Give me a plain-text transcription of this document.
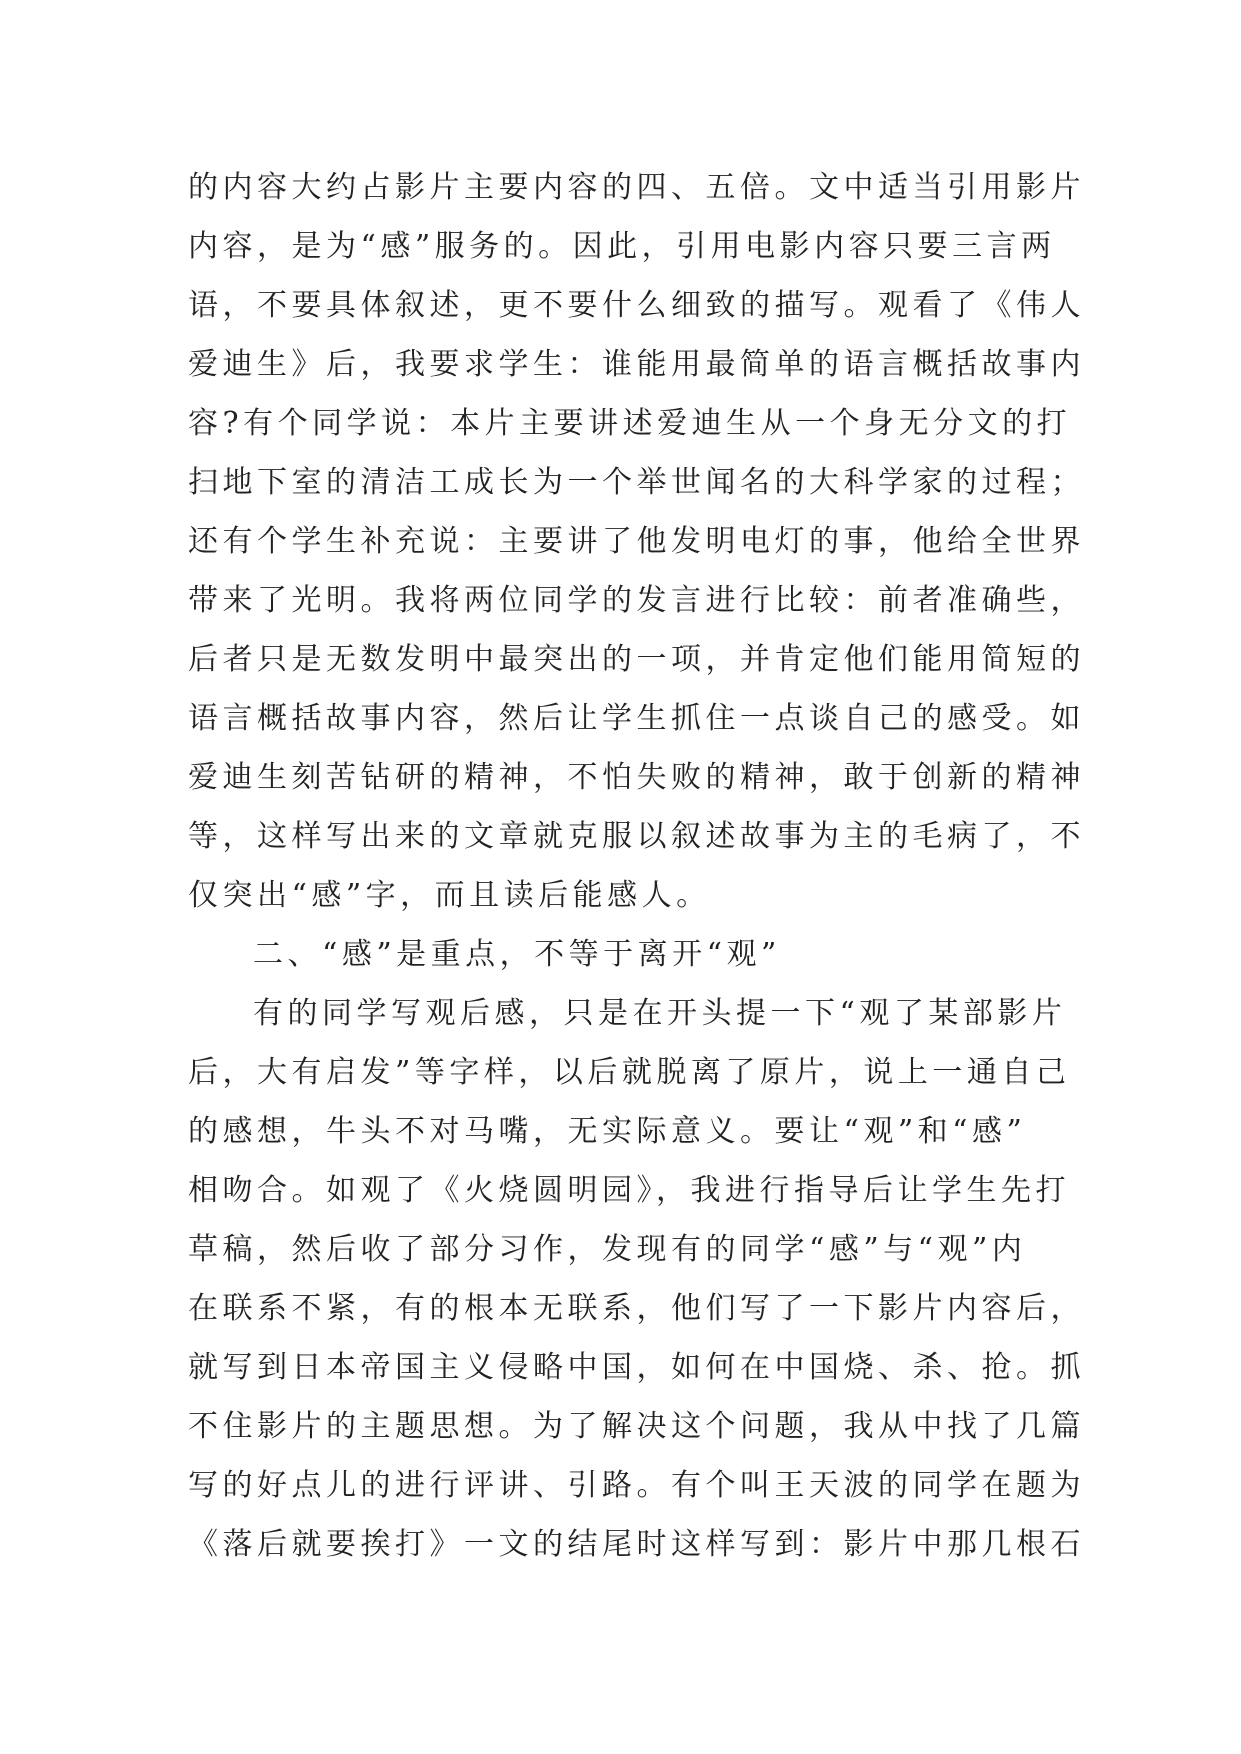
的内容大约占影片主要内容的四、五倍。文中适当引用影片
内容，是为“感”服务的。因此，引用电影内容只要三言两
语，不要具体叙述，更不要什么细致的描写。观看了《伟人
爱迪生》后，我要求学生：谁能用最简单的语言概括故事内
容?有个同学说：本片主要讲述爱迪生从一个身无分文的打
扫地下室的清洁工成长为一个举世闻名的大科学家的过程；
还有个学生补充说：主要讲了他发明电灯的事，他给全世界
带来了光明。我将两位同学的发言进行比较：前者准确些，
后者只是无数发明中最突出的一项，并肯定他们能用简短的
语言概括故事内容，然后让学生抓住一点谈自己的感受。如
爱迪生刻苦钻研的精神，不怕失败的精神，敢于创新的精神
等，这样写出来的文章就克服以叙述故事为主的毛病了，不
仅突出“感”字，而且读后能感人。
二、“感”是重点，不等于离开“观”
有的同学写观后感，只是在开头提一下“观了某部影片
后，大有启发”等字样，以后就脱离了原片，说上一通自己
的感想，牛头不对马嘴，无实际意义。要让“观”和“感”
相吻合。如观了《火烧圆明园》，我进行指导后让学生先打
草稿，然后收了部分习作，发现有的同学“感”与“观”内
在联系不紧，有的根本无联系，他们写了一下影片内容后，
就写到日本帝国主义侵略中国，如何在中国烧、杀、抢。抓
不住影片的主题思想。为了解决这个问题，我从中找了几篇
写的好点儿的进行评讲、引路。有个叫王天波的同学在题为
《落后就要挨打》一文的结尾时这样写到：影片中那几根石
